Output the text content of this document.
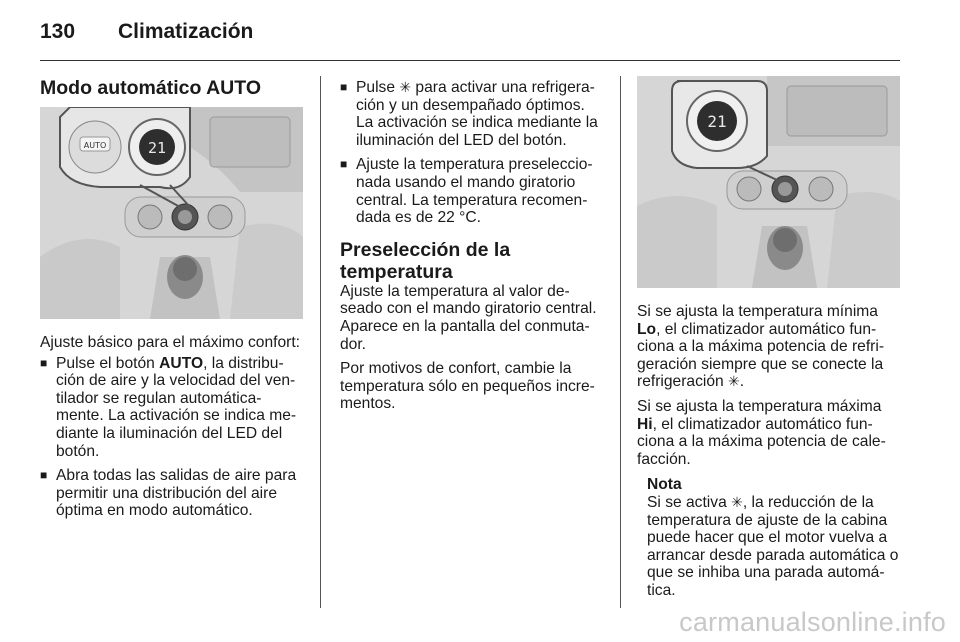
130 Climatización
Modo automático AUTO
AUTO	21

Ajuste básico para el máximo confort:

■ Pulse el botón AUTO, la distribu-
ción de aire y la velocidad del ven-
tilador se regulan automática-
mente. La activación se indica me-
diante la iluminación del LED del
botón.
■ Abra todas las salidas de aire para
permitir una distribución del aire
óptima en modo automático.
■ Pulse ✳ para activar una refrigera-
ción y un desempañado óptimos.
La activación se indica mediante la
iluminación del LED del botón.
■ Ajuste la temperatura preseleccio-
nada usando el mando giratorio
central. La temperatura recomen-
dada es de 22 °C.

Preselección de la temperatura

Ajuste la temperatura al valor de-
seado con el mando giratorio central.
Aparece en la pantalla del conmuta-
dor.
Por motivos de confort, cambie la
temperatura sólo en pequeños incre-
mentos.
21
Si se ajusta la temperatura mínima
Lo, el climatizador automático fun-
ciona a la máxima potencia de refri-
geración siempre que se conecte la
refrigeración ✳.
Si se ajusta la temperatura máxima
Hi, el climatizador automático fun-
ciona a la máxima potencia de cale-
facción.
Nota
Si se activa ✳, la reducción de la
temperatura de ajuste de la cabina
puede hacer que el motor vuelva a
arrancar desde parada automática o
que se inhiba una parada automá-
tica.
carmanualsonline.info
